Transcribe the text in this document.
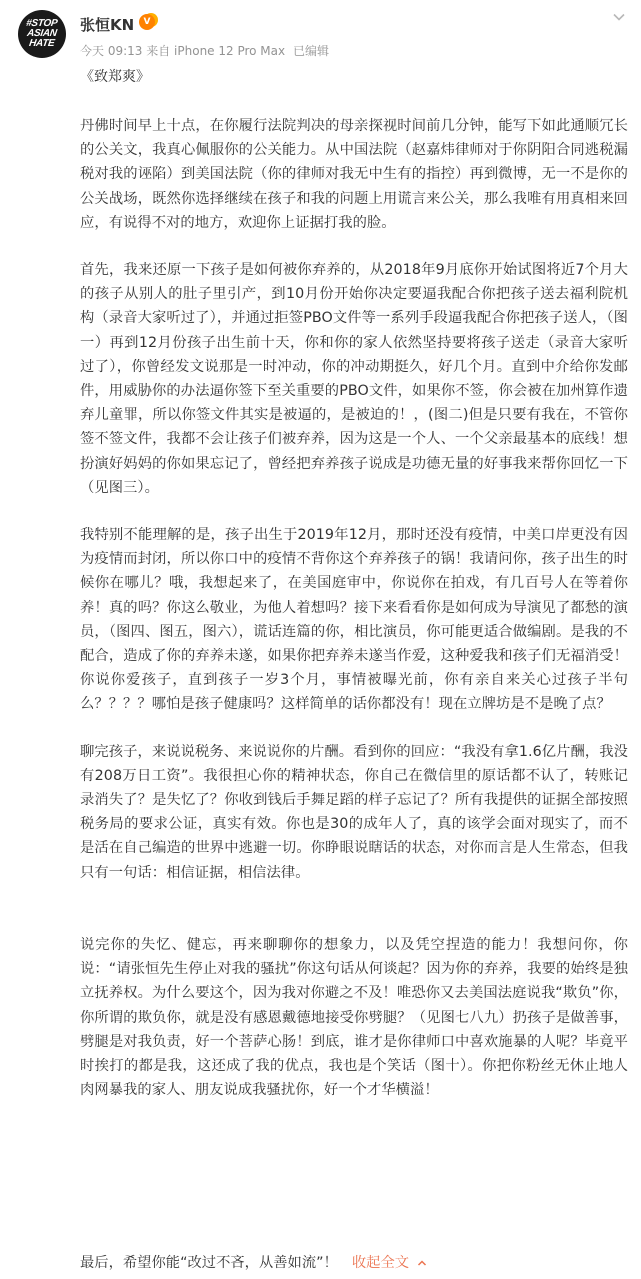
#STOP
ASIAN
HATE
张恒KN	V
今天 09:13 来自 iPhone 12 Pro Max 已编辑
《致郑爽》

丹佛时间早上十点，在你履行法院判决的母亲探视时间前几分钟，能写下如此通顺冗长的公关文，我真心佩服你的公关能力。从中国法院（赵嘉炜律师对于你阴阳合同逃税漏税对我的诬陷）到美国法院（你的律师对我无中生有的指控）再到微博，无一不是你的公关战场，既然你选择继续在孩子和我的问题上用谎言来公关，那么我唯有用真相来回应，有说得不对的地方，欢迎你上证据打我的脸。

首先，我来还原一下孩子是如何被你弃养的，从2018年9月底你开始试图将近7个月大的孩子从别人的肚子里引产，到10月份开始你决定要逼我配合你把孩子送去福利院机构（录音大家听过了），并通过拒签PBO文件等一系列手段逼我配合你把孩子送人，（图一）再到12月份孩子出生前十天，你和你的家人依然坚持要将孩子送走（录音大家听过了），你曾经发文说那是一时冲动，你的冲动期挺久，好几个月。直到中介给你发邮件，用威胁你的办法逼你签下至关重要的PBO文件，如果你不签，你会被在加州算作遗弃儿童罪，所以你签文件其实是被逼的，是被迫的！，(图二)但是只要有我在，不管你签不签文件，我都不会让孩子们被弃养，因为这是一个人、一个父亲最基本的底线！想扮演好妈妈的你如果忘记了，曾经把弃养孩子说成是功德无量的好事我来帮你回忆一下（见图三）。

我特别不能理解的是，孩子出生于2019年12月，那时还没有疫情，中美口岸更没有因为疫情而封闭，所以你口中的疫情不背你这个弃养孩子的锅！我请问你，孩子出生的时候你在哪儿？哦，我想起来了，在美国庭审中，你说你在拍戏，有几百号人在等着你养！真的吗？你这么敬业，为他人着想吗？接下来看看你是如何成为导演见了都愁的演员，（图四、图五，图六），谎话连篇的你，相比演员，你可能更适合做编剧。是我的不配合，造成了你的弃养未遂，如果你把弃养未遂当作爱，这种爱我和孩子们无福消受！你说你爱孩子，直到孩子一岁3个月，事情被曝光前，你有亲自来关心过孩子半句么？？？？哪怕是孩子健康吗？这样简单的话你都没有！现在立牌坊是不是晚了点？

聊完孩子，来说说税务、来说说你的片酬。看到你的回应：“我没有拿1.6亿片酬，我没有208万日工资”。我很担心你的精神状态，你自己在微信里的原话都不认了，转账记录消失了？是失忆了？你收到钱后手舞足蹈的样子忘记了？所有我提供的证据全部按照税务局的要求公证，真实有效。你也是30的成年人了，真的该学会面对现实了，而不是活在自己编造的世界中逃避一切。你睁眼说瞎话的状态，对你而言是人生常态，但我只有一句话：相信证据，相信法律。

说完你的失忆、健忘，再来聊聊你的想象力，以及凭空捏造的能力！我想问你，你说：“请张恒先生停止对我的骚扰”你这句话从何谈起？因为你的弃养，我要的始终是独立抚养权。为什么要这个，因为我对你避之不及！唯恐你又去美国法庭说我“欺负”你，你所谓的欺负你，就是没有感恩戴德地接受你劈腿？（见图七八九）扔孩子是做善事，劈腿是对我负责，好一个菩萨心肠！到底，谁才是你律师口中喜欢施暴的人呢？毕竟平时挨打的都是我，这还成了我的优点，我也是个笑话（图十）。你把你粉丝无休止地人肉网暴我的家人、朋友说成我骚扰你，好一个才华横溢！

最后，希望你能“改过不吝，从善如流”！ 收起全文
